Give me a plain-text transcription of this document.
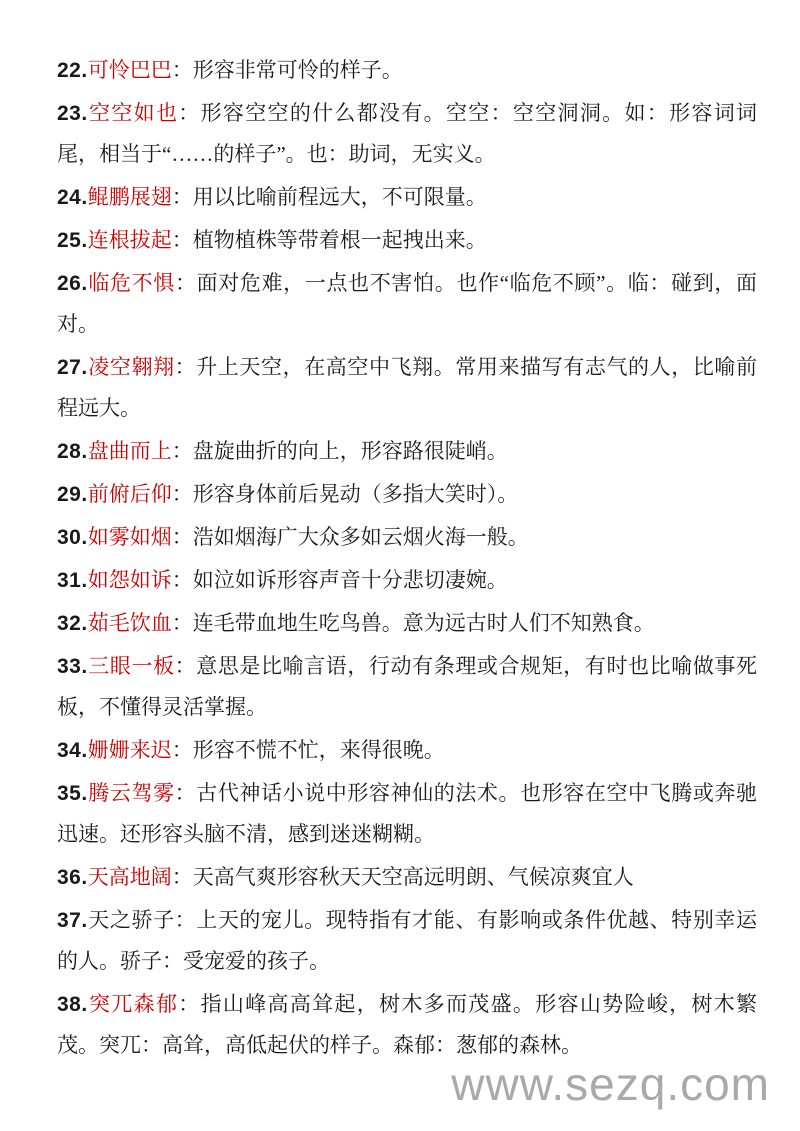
22.可怜巴巴：形容非常可怜的样子。

23.空空如也：形容空空的什么都没有。空空：空空洞洞。如：形容词词尾，相当于“……的样子”。也：助词，无实义。

24.鲲鹏展翅：用以比喻前程远大，不可限量。

25.连根拔起：植物植株等带着根一起拽出来。

26.临危不惧：面对危难，一点也不害怕。也作“临危不顾”。临：碰到，面对。

27.凌空翱翔：升上天空，在高空中飞翔。常用来描写有志气的人，比喻前程远大。

28.盘曲而上：盘旋曲折的向上，形容路很陡峭。

29.前俯后仰：形容身体前后晃动（多指大笑时）。

30.如雾如烟：浩如烟海广大众多如云烟火海一般。

31.如怨如诉：如泣如诉形容声音十分悲切凄婉。

32.茹毛饮血：连毛带血地生吃鸟兽。意为远古时人们不知熟食。

33.三眼一板：意思是比喻言语，行动有条理或合规矩，有时也比喻做事死板，不懂得灵活掌握。

34.姗姗来迟：形容不慌不忙，来得很晚。

35.腾云驾雾：古代神话小说中形容神仙的法术。也形容在空中飞腾或奔驰迅速。还形容头脑不清，感到迷迷糊糊。

36.天高地阔：天高气爽形容秋天天空高远明朗、气候凉爽宜人

37.天之骄子：上天的宠儿。现特指有才能、有影响或条件优越、特别幸运的人。骄子：受宠爱的孩子。

38.突兀森郁：指山峰高高耸起，树木多而茂盛。形容山势险峻，树木繁茂。突兀：高耸，高低起伏的样子。森郁：葱郁的森林。

www.sezq.com
